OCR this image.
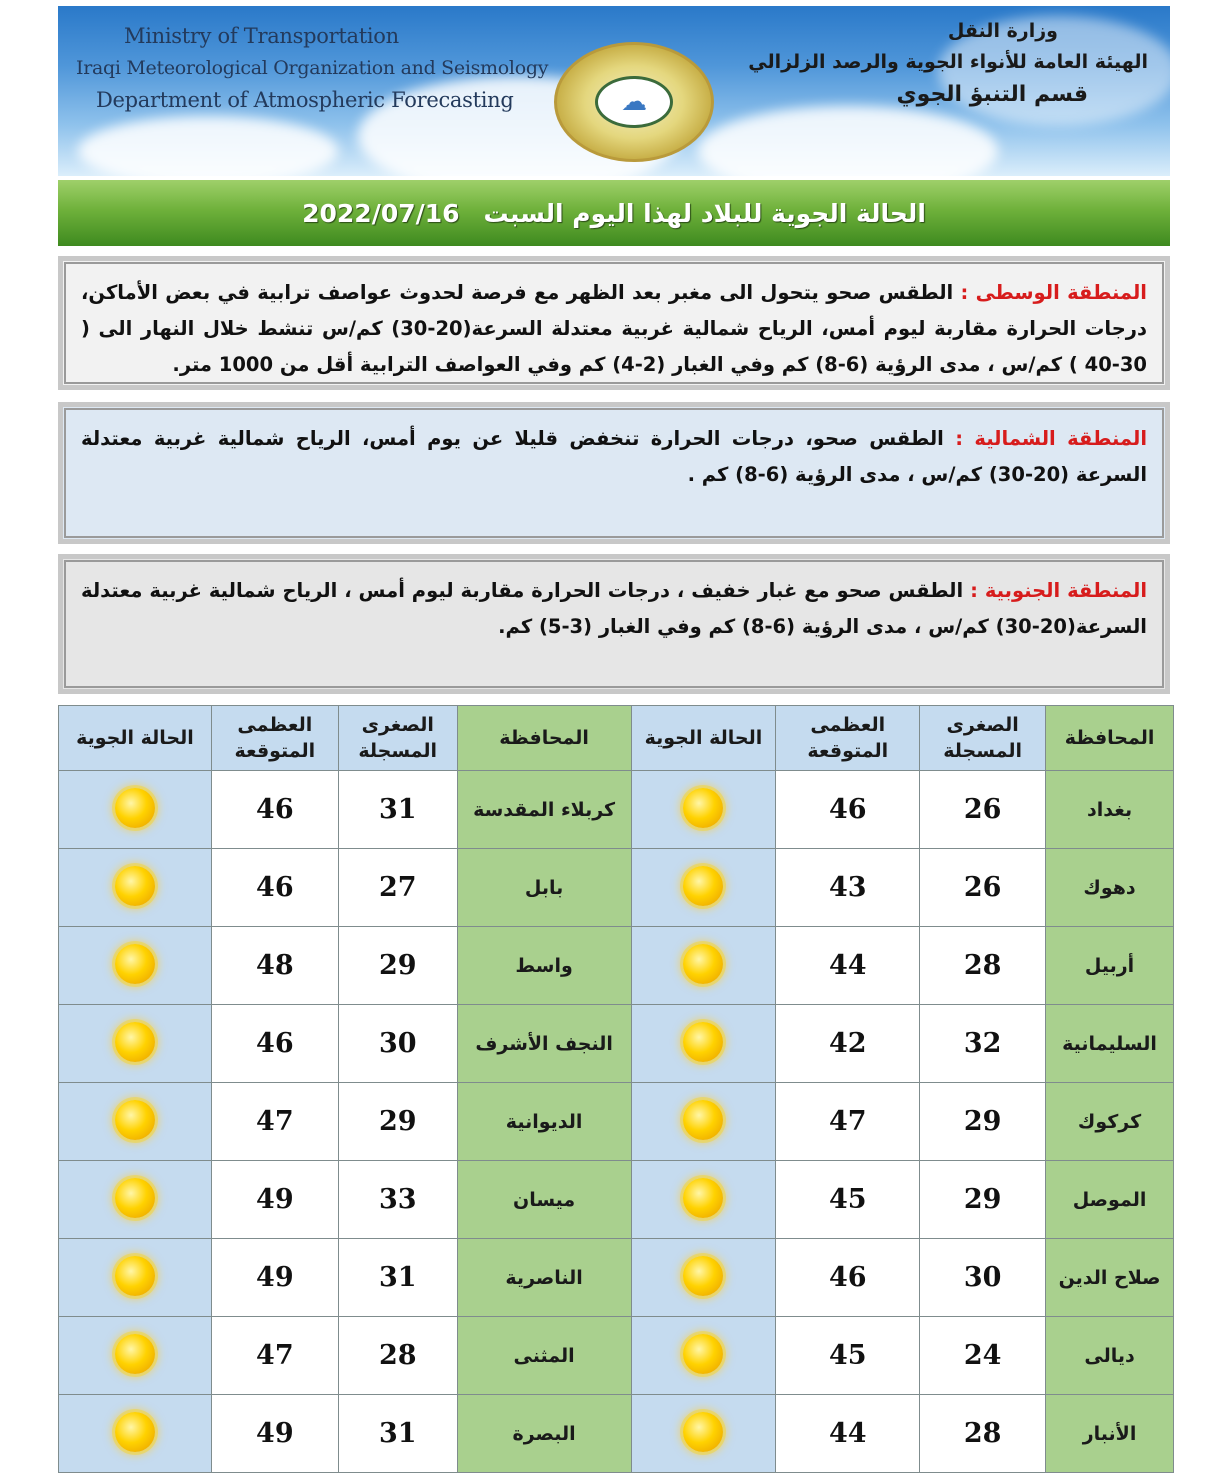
Ministry of Transportation
Iraqi Meteorological Organization and Seismology
Department of Atmospheric Forecasting	☁
وزارة النقل
الهيئة العامة للأنواء الجوية والرصد الزلزالي
قسم التنبؤ الجوي
الحالة الجوية للبلاد لهذا اليوم السبت
2022/07/16
المنطقة الوسطى : الطقس صحو يتحول الى مغبر بعد الظهر مع فرصة لحدوث عواصف ترابية في بعض الأماكن، درجات الحرارة مقاربة ليوم أمس، الرياح شمالية غربية معتدلة السرعة(20-30) كم/س تنشط خلال النهار الى ( 30-40 ) كم/س ، مدى الرؤية (6-8) كم وفي الغبار (2-4) كم وفي العواصف الترابية أقل من 1000 متر.
المنطقة الشمالية : الطقس صحو، درجات الحرارة تنخفض قليلا عن يوم أمس، الرياح شمالية غربية معتدلة السرعة (20-30) كم/س ، مدى الرؤية (6-8) كم .
المنطقة الجنوبية : الطقس صحو مع غبار خفيف ، درجات الحرارة مقاربة ليوم أمس ، الرياح شمالية غربية معتدلة السرعة(20-30) كم/س ، مدى الرؤية (6-8) كم وفي الغبار (3-5) كم.
المحافظة	الصغرى المسجلة	العظمى المتوقعة	الحالة الجوية	المحافظة	الصغرى المسجلة	العظمى المتوقعة	الحالة الجوية
بغداد	26	46		كربلاء المقدسة	31	46	
دهوك	26	43		بابل	27	46	
أربيل	28	44		واسط	29	48	
السليمانية	32	42		النجف الأشرف	30	46	
كركوك	29	47		الديوانية	29	47	
الموصل	29	45		ميسان	33	49	
صلاح الدين	30	46		الناصرية	31	49	
ديالى	24	45		المثنى	28	47	
الأنبار	28	44		البصرة	31	49	
